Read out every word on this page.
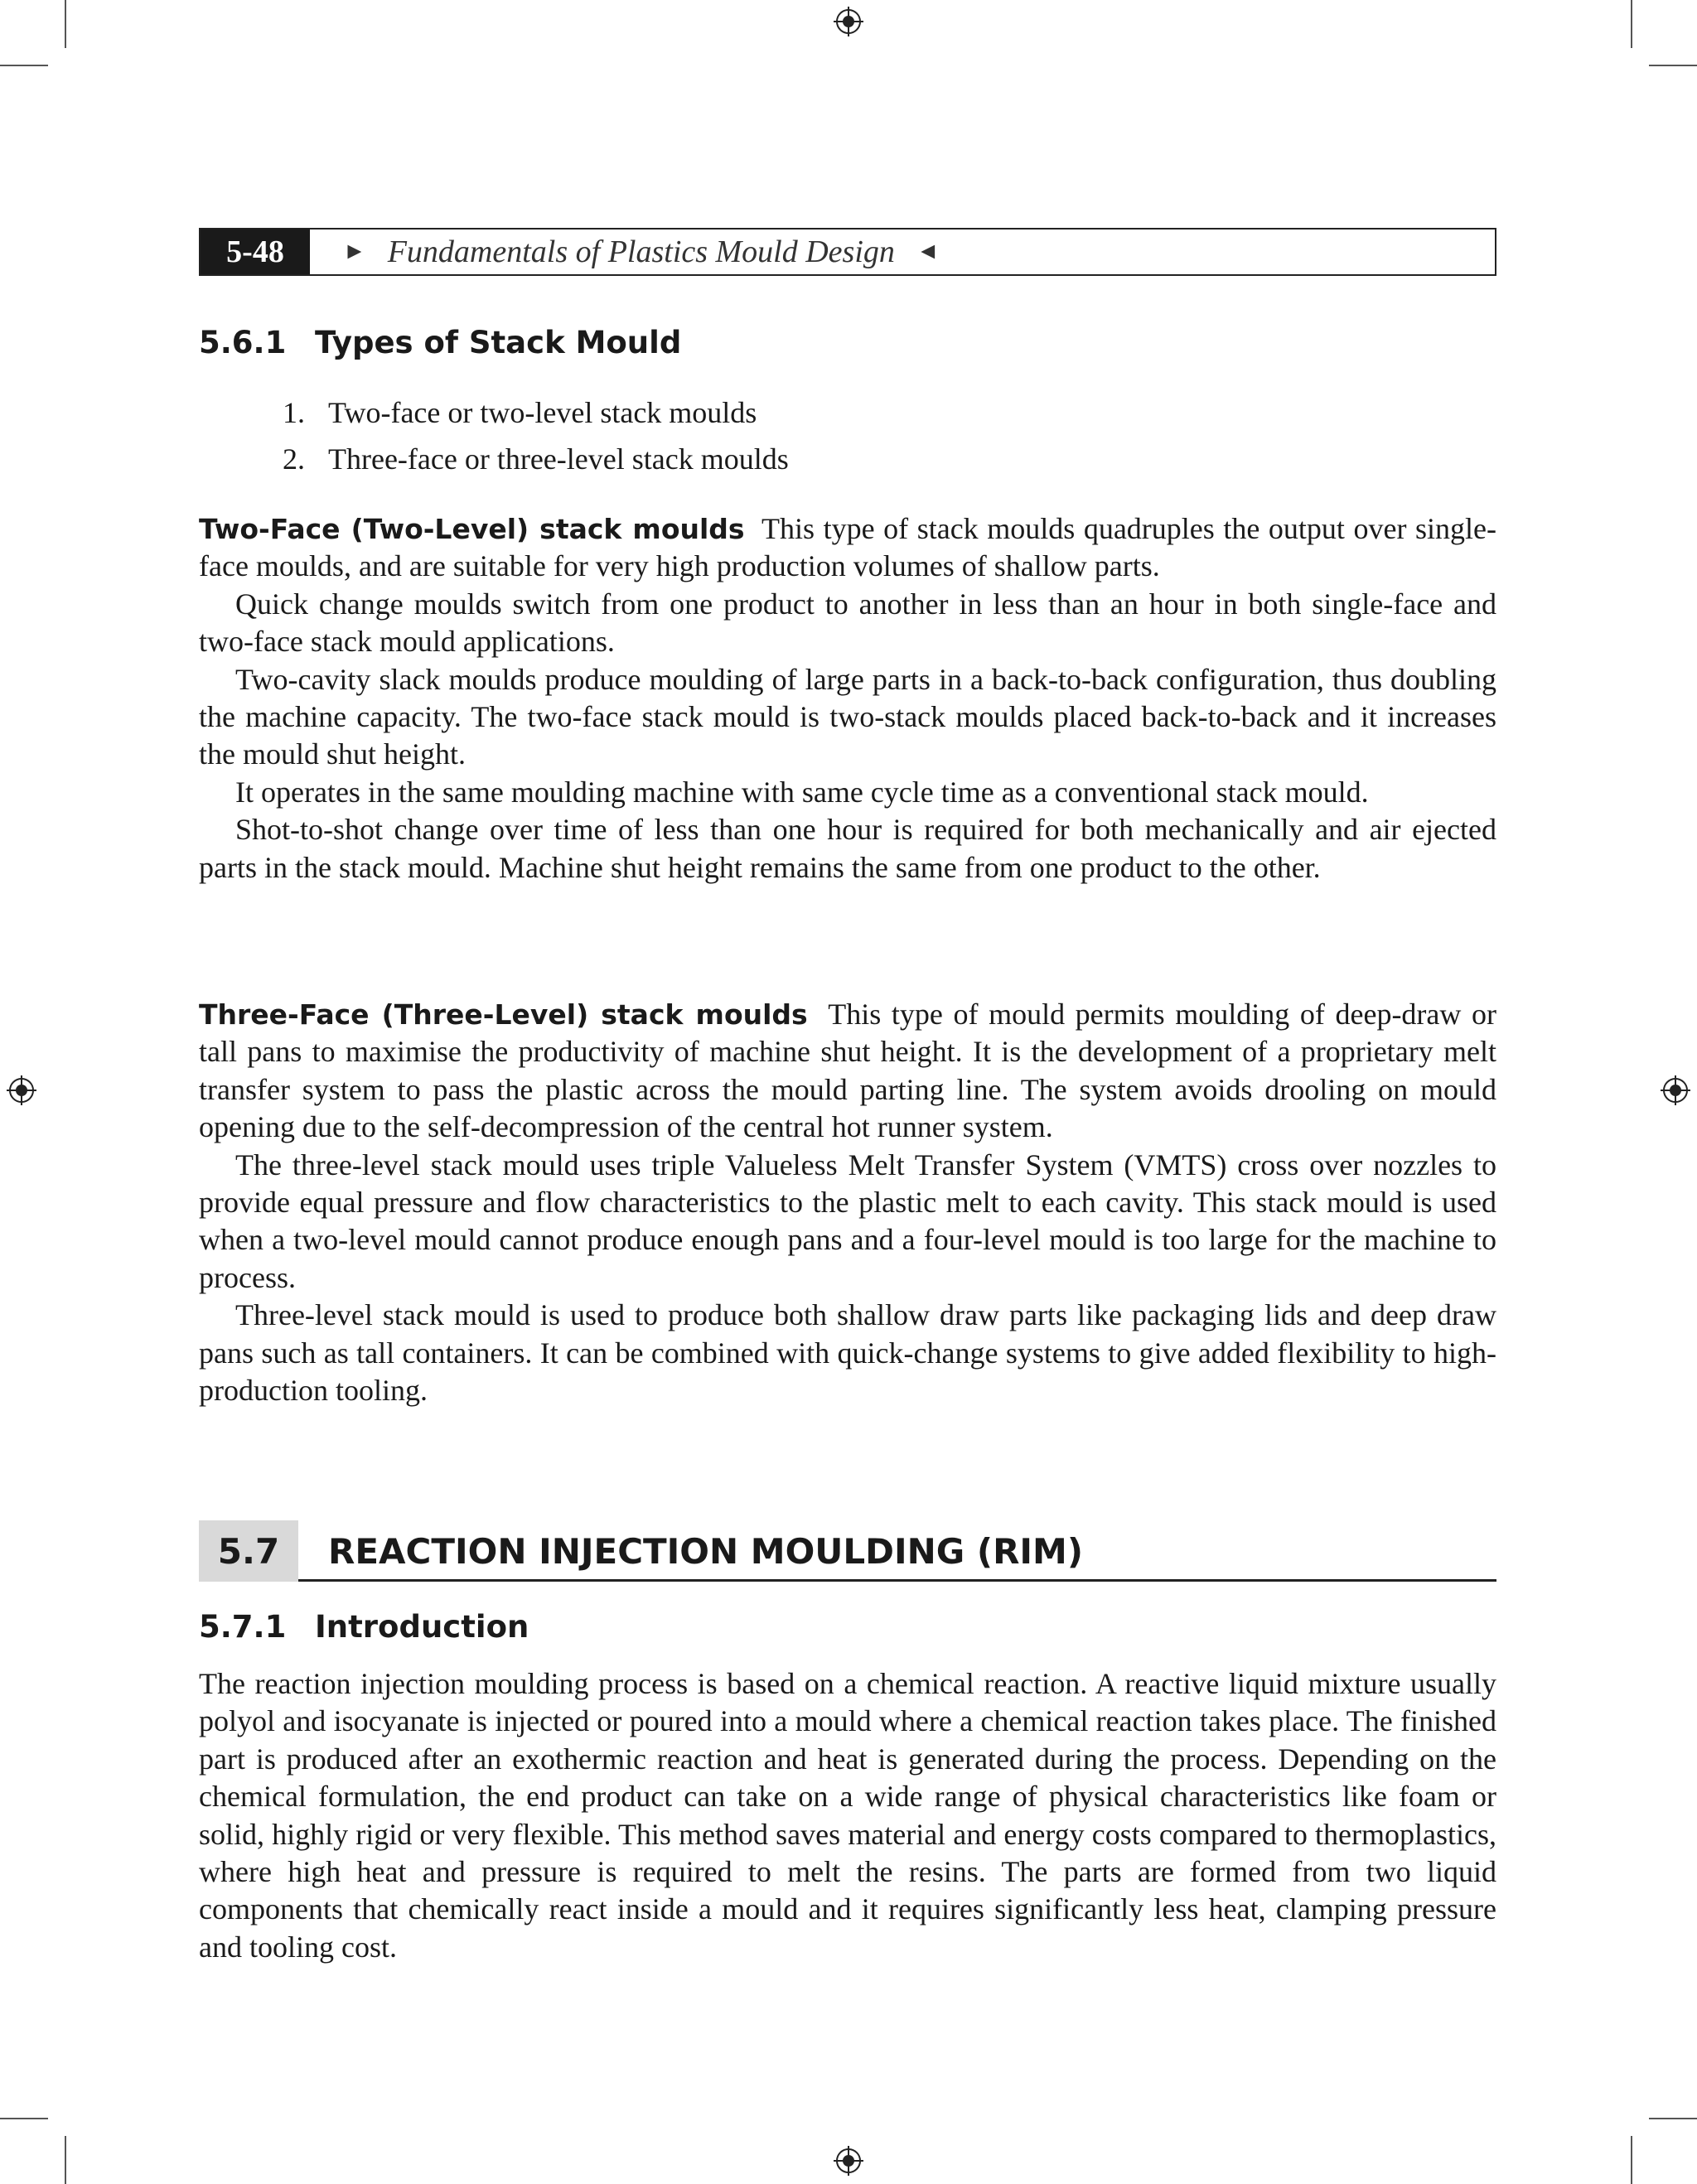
5-48	► Fundamentals of Plastics Mould Design ◄
5.6.1 Types of Stack Mould
1. Two-face or two-level stack moulds
2. Three-face or three-level stack moulds

Two-Face (Two-Level) stack moulds This type of stack moulds quadruples the output over single-face moulds, and are suitable for very high production volumes of shallow parts.

Quick change moulds switch from one product to another in less than an hour in both single-face and two-face stack mould applications.

Two-cavity slack moulds produce moulding of large parts in a back-to-back configuration, thus doubling the machine capacity. The two-face stack mould is two-stack moulds placed back-to-back and it increases the mould shut height.

It operates in the same moulding machine with same cycle time as a conventional stack mould.

Shot-to-shot change over time of less than one hour is required for both mechanically and air ejected parts in the stack mould. Machine shut height remains the same from one product to the other.

Three-Face (Three-Level) stack moulds This type of mould permits moulding of deep-draw or tall pans to maximise the productivity of machine shut height. It is the development of a proprietary melt transfer system to pass the plastic across the mould parting line. The system avoids drooling on mould opening due to the self-decompression of the central hot runner system.

The three-level stack mould uses triple Valueless Melt Transfer System (VMTS) cross over nozzles to provide equal pressure and flow characteristics to the plastic melt to each cavity. This stack mould is used when a two-level mould cannot produce enough pans and a four-level mould is too large for the machine to process.

Three-level stack mould is used to produce both shallow draw parts like packaging lids and deep draw pans such as tall containers. It can be combined with quick-change systems to give added flexibility to high-production tooling.

5.7	REACTION INJECTION MOULDING (RIM)
5.7.1 Introduction

The reaction injection moulding process is based on a chemical reaction. A reactive liquid mixture usually polyol and isocyanate is injected or poured into a mould where a chemical reaction takes place. The finished part is produced after an exothermic reaction and heat is generated during the process. Depending on the chemical formulation, the end product can take on a wide range of physical characteristics like foam or solid, highly rigid or very flexible. This method saves material and energy costs compared to thermoplastics, where high heat and pressure is required to melt the resins. The parts are formed from two liquid components that chemically react inside a mould and it requires significantly less heat, clamping pressure and tooling cost.
